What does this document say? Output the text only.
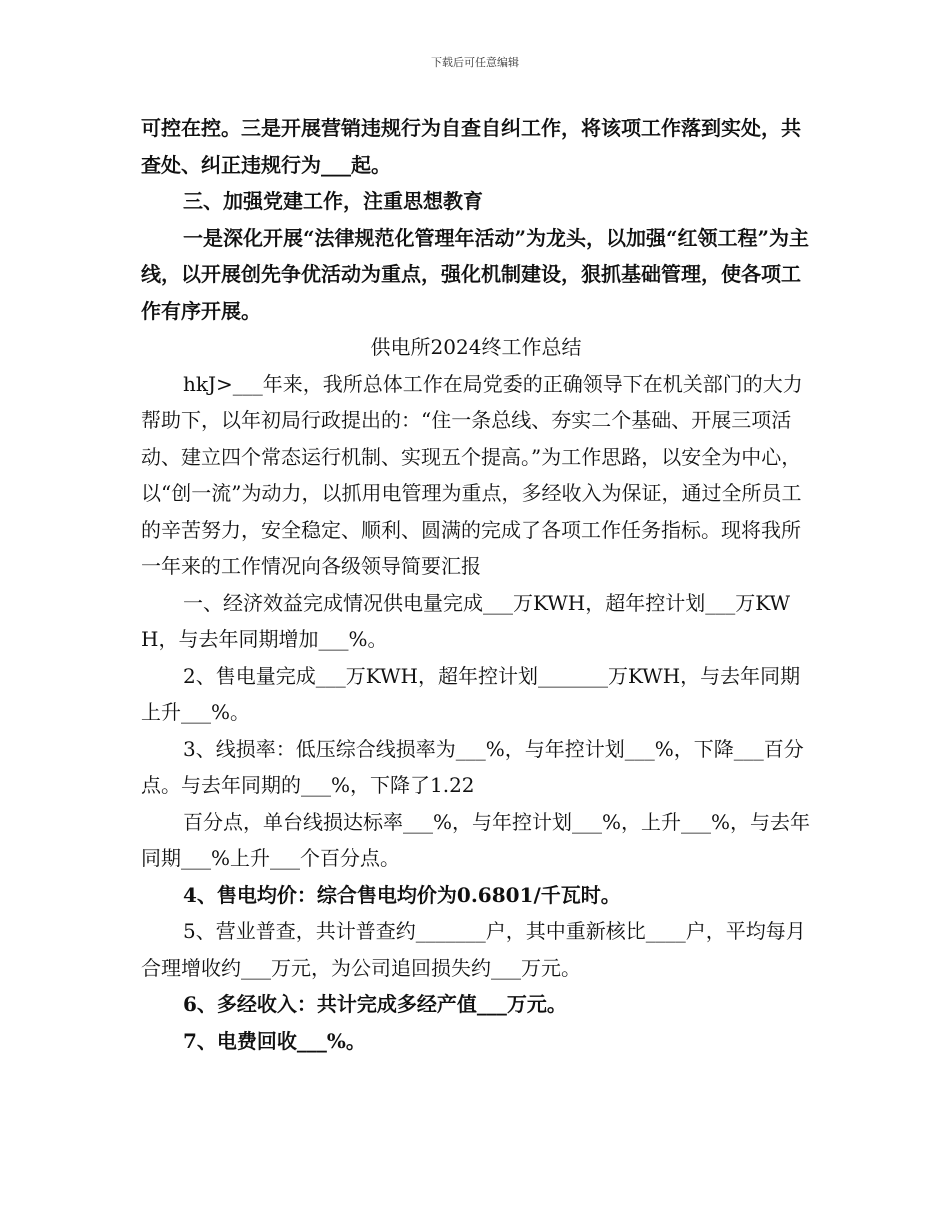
下载后可任意编辑

可控在控。三是开展营销违规行为自查自纠工作，将该项工作落到实处，共查处、纠正违规行为___起。

三、加强党建工作，注重思想教育

一是深化开展“法律规范化管理年活动”为龙头，以加强“红领工程”为主线，以开展创先争优活动为重点，强化机制建设，狠抓基础管理，使各项工作有序开展。

供电所2024终工作总结

hkJ>___年来，我所总体工作在局党委的正确领导下在机关部门的大力帮助下，以年初局行政提出的：“住一条总线、夯实二个基础、开展三项活动、建立四个常态运行机制、实现五个提高。”为工作思路，以安全为中心，以“创一流”为动力，以抓用电管理为重点，多经收入为保证，通过全所员工的辛苦努力，安全稳定、顺利、圆满的完成了各项工作任务指标。现将我所一年来的工作情况向各级领导简要汇报

一、经济效益完成情况供电量完成___万KWH，超年控计划___万KWH，与去年同期增加___%。

2、售电量完成___万KWH，超年控计划_______万KWH，与去年同期上升___%。

3、线损率：低压综合线损率为___%，与年控计划___%，下降___百分点。与去年同期的___%，下降了1.22

百分点，单台线损达标率___%，与年控计划___%，上升___%，与去年同期___%上升___个百分点。

4、售电均价：综合售电均价为0.6801/千瓦时。

5、营业普查，共计普查约_______户，其中重新核比____户，平均每月合理增收约___万元，为公司追回损失约___万元。

6、多经收入：共计完成多经产值___万元。

7、电费回收___%。
